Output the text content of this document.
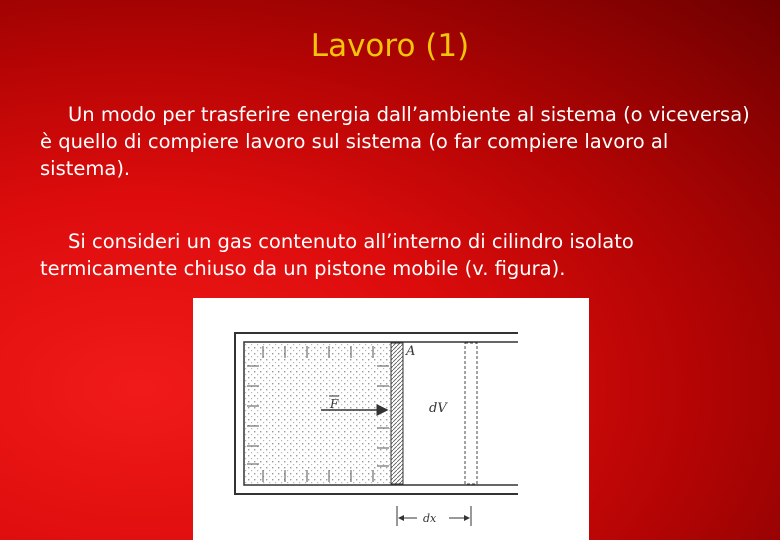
Lavoro (1)

Un modo per trasferire energia dall’ambiente al sistema (o viceversa) è quello di compiere lavoro sul sistema (o far compiere lavoro al sistema).

Si consideri un gas contenuto all’interno di cilindro isolato termicamente chiuso da un pistone mobile (v. figura).

F
A
dV
dx
